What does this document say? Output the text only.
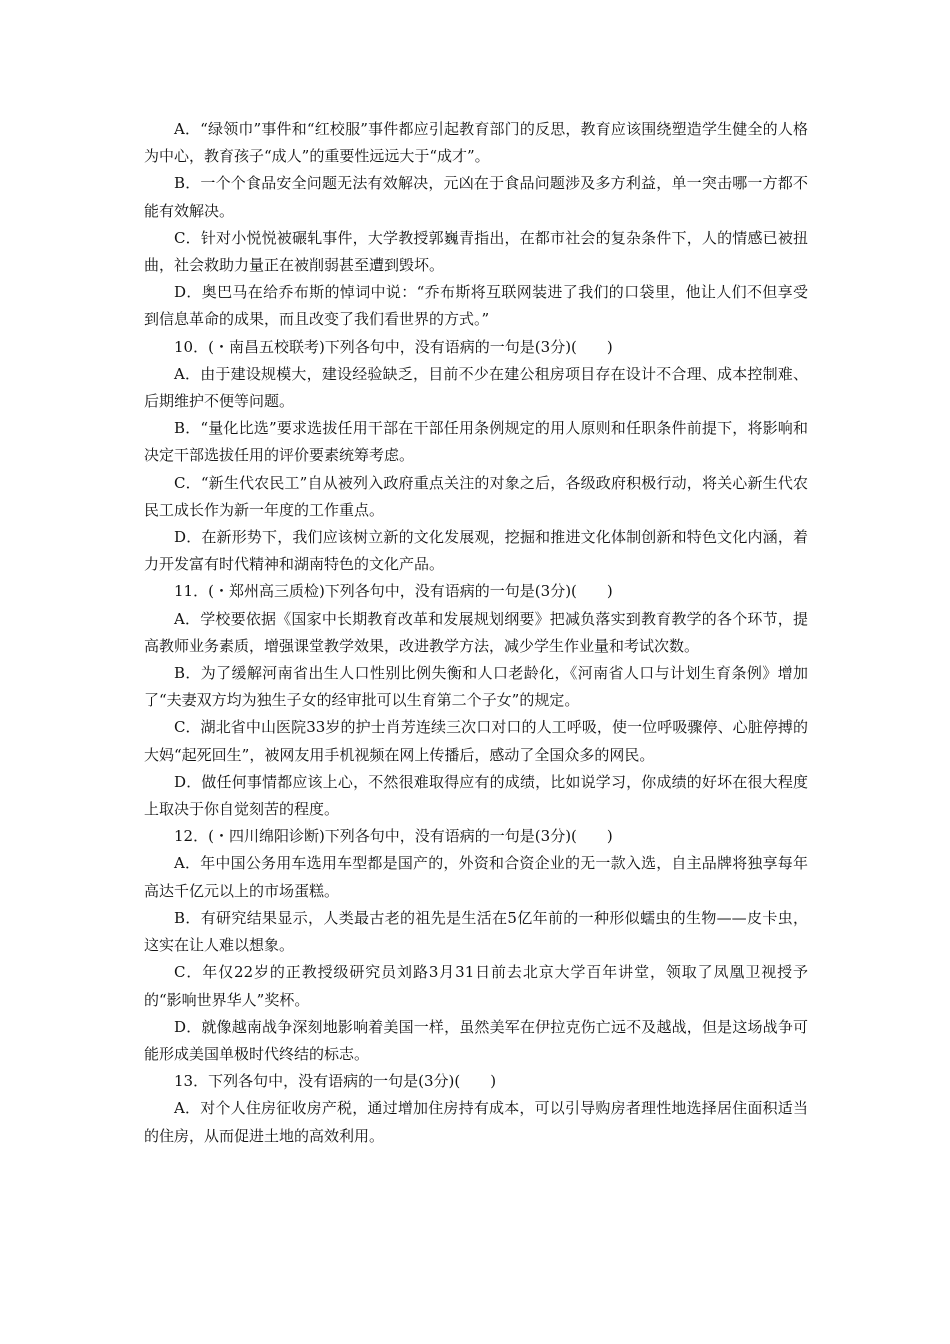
A．“绿领巾”事件和“红校服”事件都应引起教育部门的反思，教育应该围绕塑造学生健全的人格为中心，教育孩子“成人”的重要性远远大于“成才”。

B．一个个食品安全问题无法有效解决，元凶在于食品问题涉及多方利益，单一突击哪一方都不能有效解决。

C．针对小悦悦被碾轧事件，大学教授郭巍青指出，在都市社会的复杂条件下，人的情感已被扭曲，社会救助力量正在被削弱甚至遭到毁坏。

D．奥巴马在给乔布斯的悼词中说：“乔布斯将互联网装进了我们的口袋里，他让人们不但享受到信息革命的成果，而且改变了我们看世界的方式。”

10．(・南昌五校联考)下列各句中，没有语病的一句是(3分)(　　)

A．由于建设规模大，建设经验缺乏，目前不少在建公租房项目存在设计不合理、成本控制难、后期维护不便等问题。

B．“量化比选”要求选拔任用干部在干部任用条例规定的用人原则和任职条件前提下，将影响和决定干部选拔任用的评价要素统筹考虑。

C．“新生代农民工”自从被列入政府重点关注的对象之后，各级政府积极行动，将关心新生代农民工成长作为新一年度的工作重点。

D．在新形势下，我们应该树立新的文化发展观，挖掘和推进文化体制创新和特色文化内涵，着力开发富有时代精神和湖南特色的文化产品。

11．(・郑州高三质检)下列各句中，没有语病的一句是(3分)(　　)

A．学校要依据《国家中长期教育改革和发展规划纲要》把减负落实到教育教学的各个环节，提高教师业务素质，增强课堂教学效果，改进教学方法，减少学生作业量和考试次数。

B．为了缓解河南省出生人口性别比例失衡和人口老龄化，《河南省人口与计划生育条例》增加了“夫妻双方均为独生子女的经审批可以生育第二个子女”的规定。

C．湖北省中山医院33岁的护士肖芳连续三次口对口的人工呼吸，使一位呼吸骤停、心脏停搏的大妈“起死回生”，被网友用手机视频在网上传播后，感动了全国众多的网民。

D．做任何事情都应该上心，不然很难取得应有的成绩，比如说学习，你成绩的好坏在很大程度上取决于你自觉刻苦的程度。

12．(・四川绵阳诊断)下列各句中，没有语病的一句是(3分)(　　)

A．年中国公务用车选用车型都是国产的，外资和合资企业的无一款入选，自主品牌将独享每年高达千亿元以上的市场蛋糕。

B．有研究结果显示，人类最古老的祖先是生活在5亿年前的一种形似蠕虫的生物——皮卡虫，这实在让人难以想象。

C．年仅22岁的正教授级研究员刘路3月31日前去北京大学百年讲堂，领取了凤凰卫视授予的“影响世界华人”奖杯。

D．就像越南战争深刻地影响着美国一样，虽然美军在伊拉克伤亡远不及越战，但是这场战争可能形成美国单极时代终结的标志。

13．下列各句中，没有语病的一句是(3分)(　　)

A．对个人住房征收房产税，通过增加住房持有成本，可以引导购房者理性地选择居住面积适当的住房，从而促进土地的高效利用。
